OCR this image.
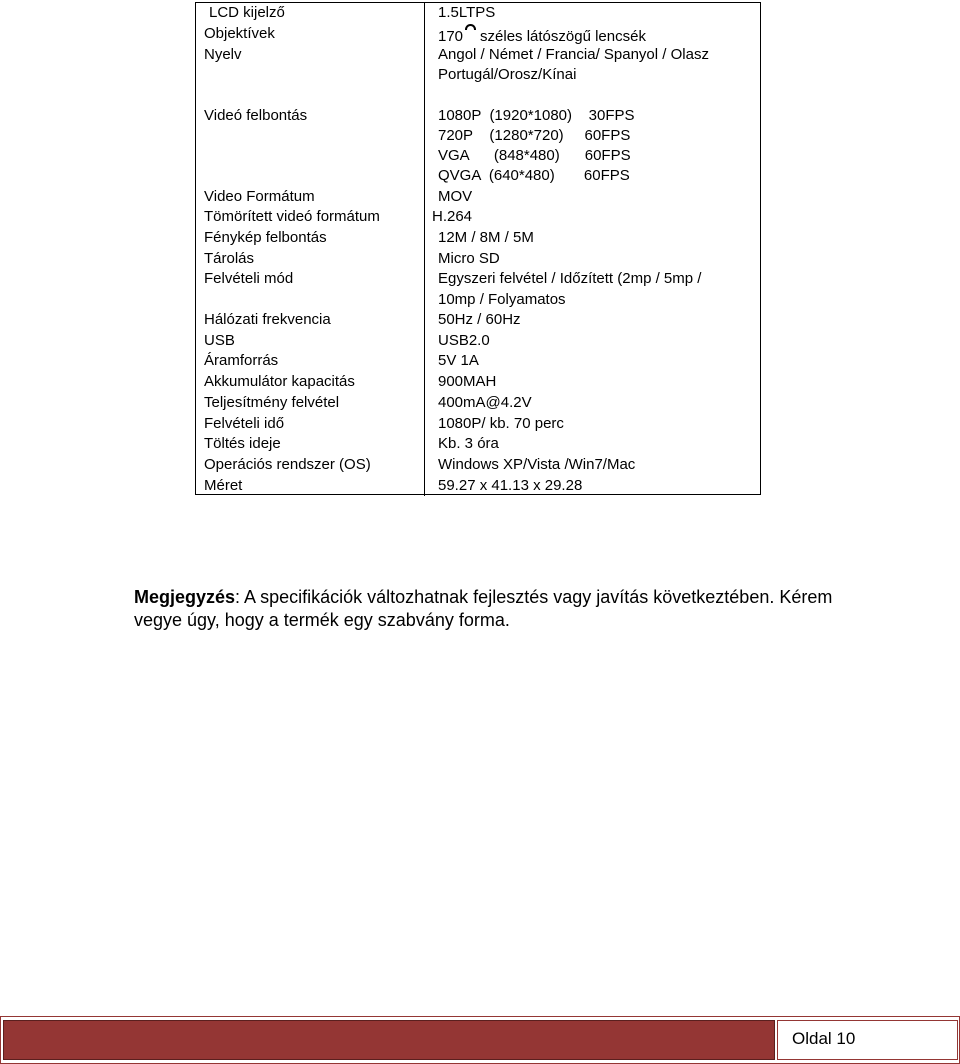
LCD kijelző
Objektívek
Nyelv
Videó felbontás
Video Formátum
Tömörített videó formátum
Fénykép felbontás
Tárolás
Felvételi mód
Hálózati frekvencia
USB
Áramforrás
Akkumulátor kapacitás
Teljesítmény felvétel
Felvételi idő
Töltés ideje
Operációs rendszer (OS)
Méret
1.5LTPS
170 széles látószögű lencsék
Angol / Német / Francia/ Spanyol / Olasz
Portugál/Orosz/Kínai
1080P  (1920*1080)    30FPS
720P    (1280*720)     60FPS
VGA      (848*480)      60FPS
QVGA  (640*480)       60FPS
MOV
H.264
12M / 8M / 5M
Micro SD
Egyszeri felvétel / Időzített (2mp / 5mp /
10mp / Folyamatos
50Hz / 60Hz
USB2.0
5V 1A
900MAH
400mA@4.2V
1080P/ kb. 70 perc
Kb. 3 óra
Windows XP/Vista /Win7/Mac
59.27 x 41.13 x 29.28
Megjegyzés: A specifikációk változhatnak fejlesztés vagy javítás következtében. Kérem vegye úgy, hogy a termék egy szabvány forma.
Oldal 10
